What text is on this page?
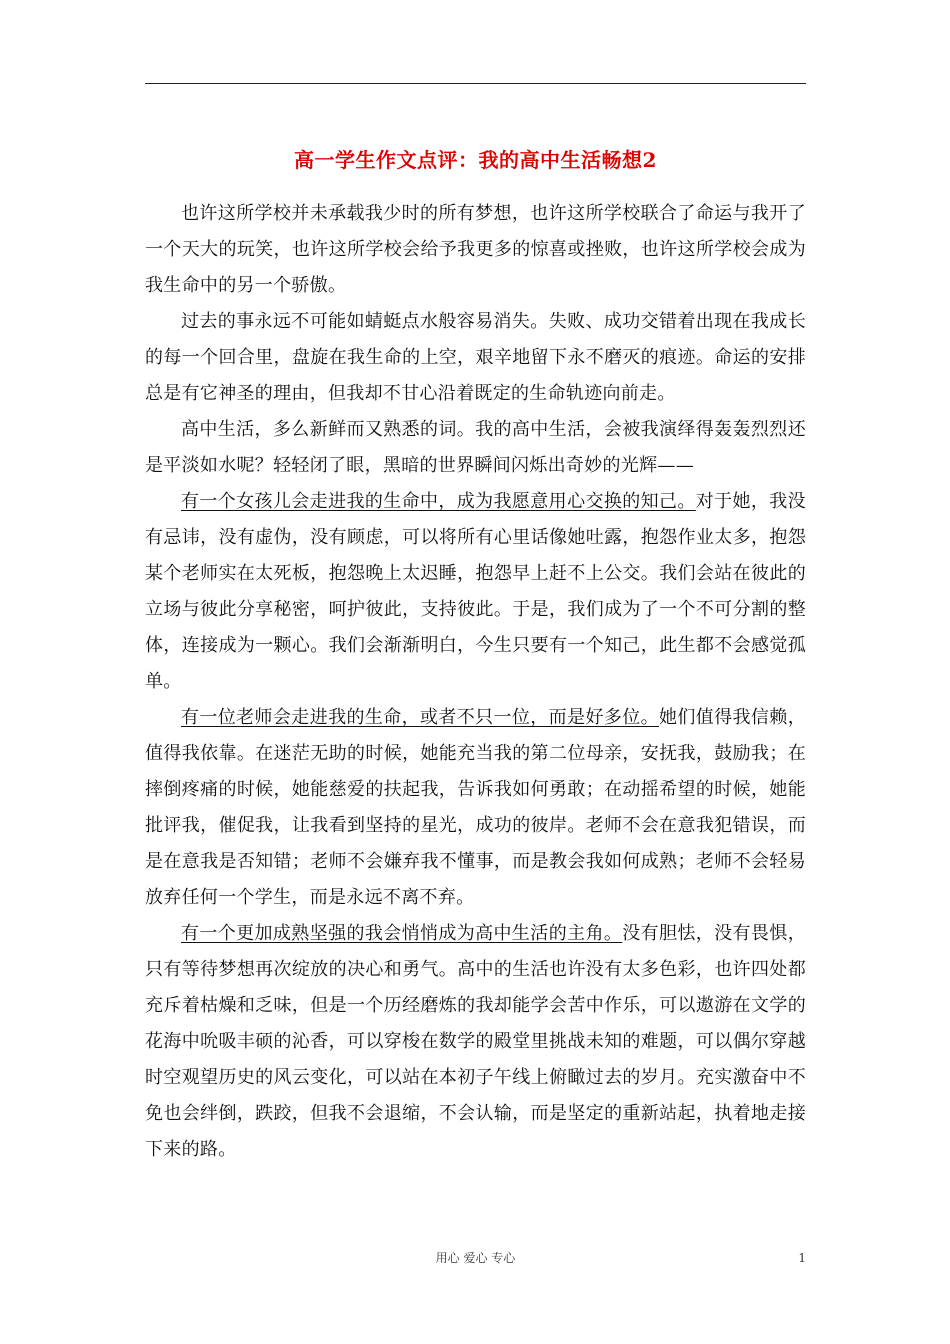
高一学生作文点评：我的高中生活畅想2

也许这所学校并未承载我少时的所有梦想，也许这所学校联合了命运与我开了一个天大的玩笑，也许这所学校会给予我更多的惊喜或挫败，也许这所学校会成为我生命中的另一个骄傲。

过去的事永远不可能如蜻蜓点水般容易消失。失败、成功交错着出现在我成长的每一个回合里，盘旋在我生命的上空，艰辛地留下永不磨灭的痕迹。命运的安排总是有它神圣的理由，但我却不甘心沿着既定的生命轨迹向前走。

高中生活，多么新鲜而又熟悉的词。我的高中生活，会被我演绎得轰轰烈烈还是平淡如水呢？轻轻闭了眼，黑暗的世界瞬间闪烁出奇妙的光辉——

有一个女孩儿会走进我的生命中，成为我愿意用心交换的知己。对于她，我没有忌讳，没有虚伪，没有顾虑，可以将所有心里话像她吐露，抱怨作业太多，抱怨某个老师实在太死板，抱怨晚上太迟睡，抱怨早上赶不上公交。我们会站在彼此的立场与彼此分享秘密，呵护彼此，支持彼此。于是，我们成为了一个不可分割的整体，连接成为一颗心。我们会渐渐明白，今生只要有一个知己，此生都不会感觉孤单。

有一位老师会走进我的生命，或者不只一位，而是好多位。她们值得我信赖，值得我依靠。在迷茫无助的时候，她能充当我的第二位母亲，安抚我，鼓励我；在摔倒疼痛的时候，她能慈爱的扶起我，告诉我如何勇敢；在动摇希望的时候，她能批评我，催促我，让我看到坚持的星光，成功的彼岸。老师不会在意我犯错误，而是在意我是否知错；老师不会嫌弃我不懂事，而是教会我如何成熟；老师不会轻易放弃任何一个学生，而是永远不离不弃。

有一个更加成熟坚强的我会悄悄成为高中生活的主角。没有胆怯，没有畏惧，只有等待梦想再次绽放的决心和勇气。高中的生活也许没有太多色彩，也许四处都充斥着枯燥和乏味，但是一个历经磨炼的我却能学会苦中作乐，可以遨游在文学的花海中吮吸丰硕的沁香，可以穿梭在数学的殿堂里挑战未知的难题，可以偶尔穿越时空观望历史的风云变化，可以站在本初子午线上俯瞰过去的岁月。充实激奋中不免也会绊倒，跌跤，但我不会退缩，不会认输，而是坚定的重新站起，执着地走接下来的路。

用心 爱心 专心	1
